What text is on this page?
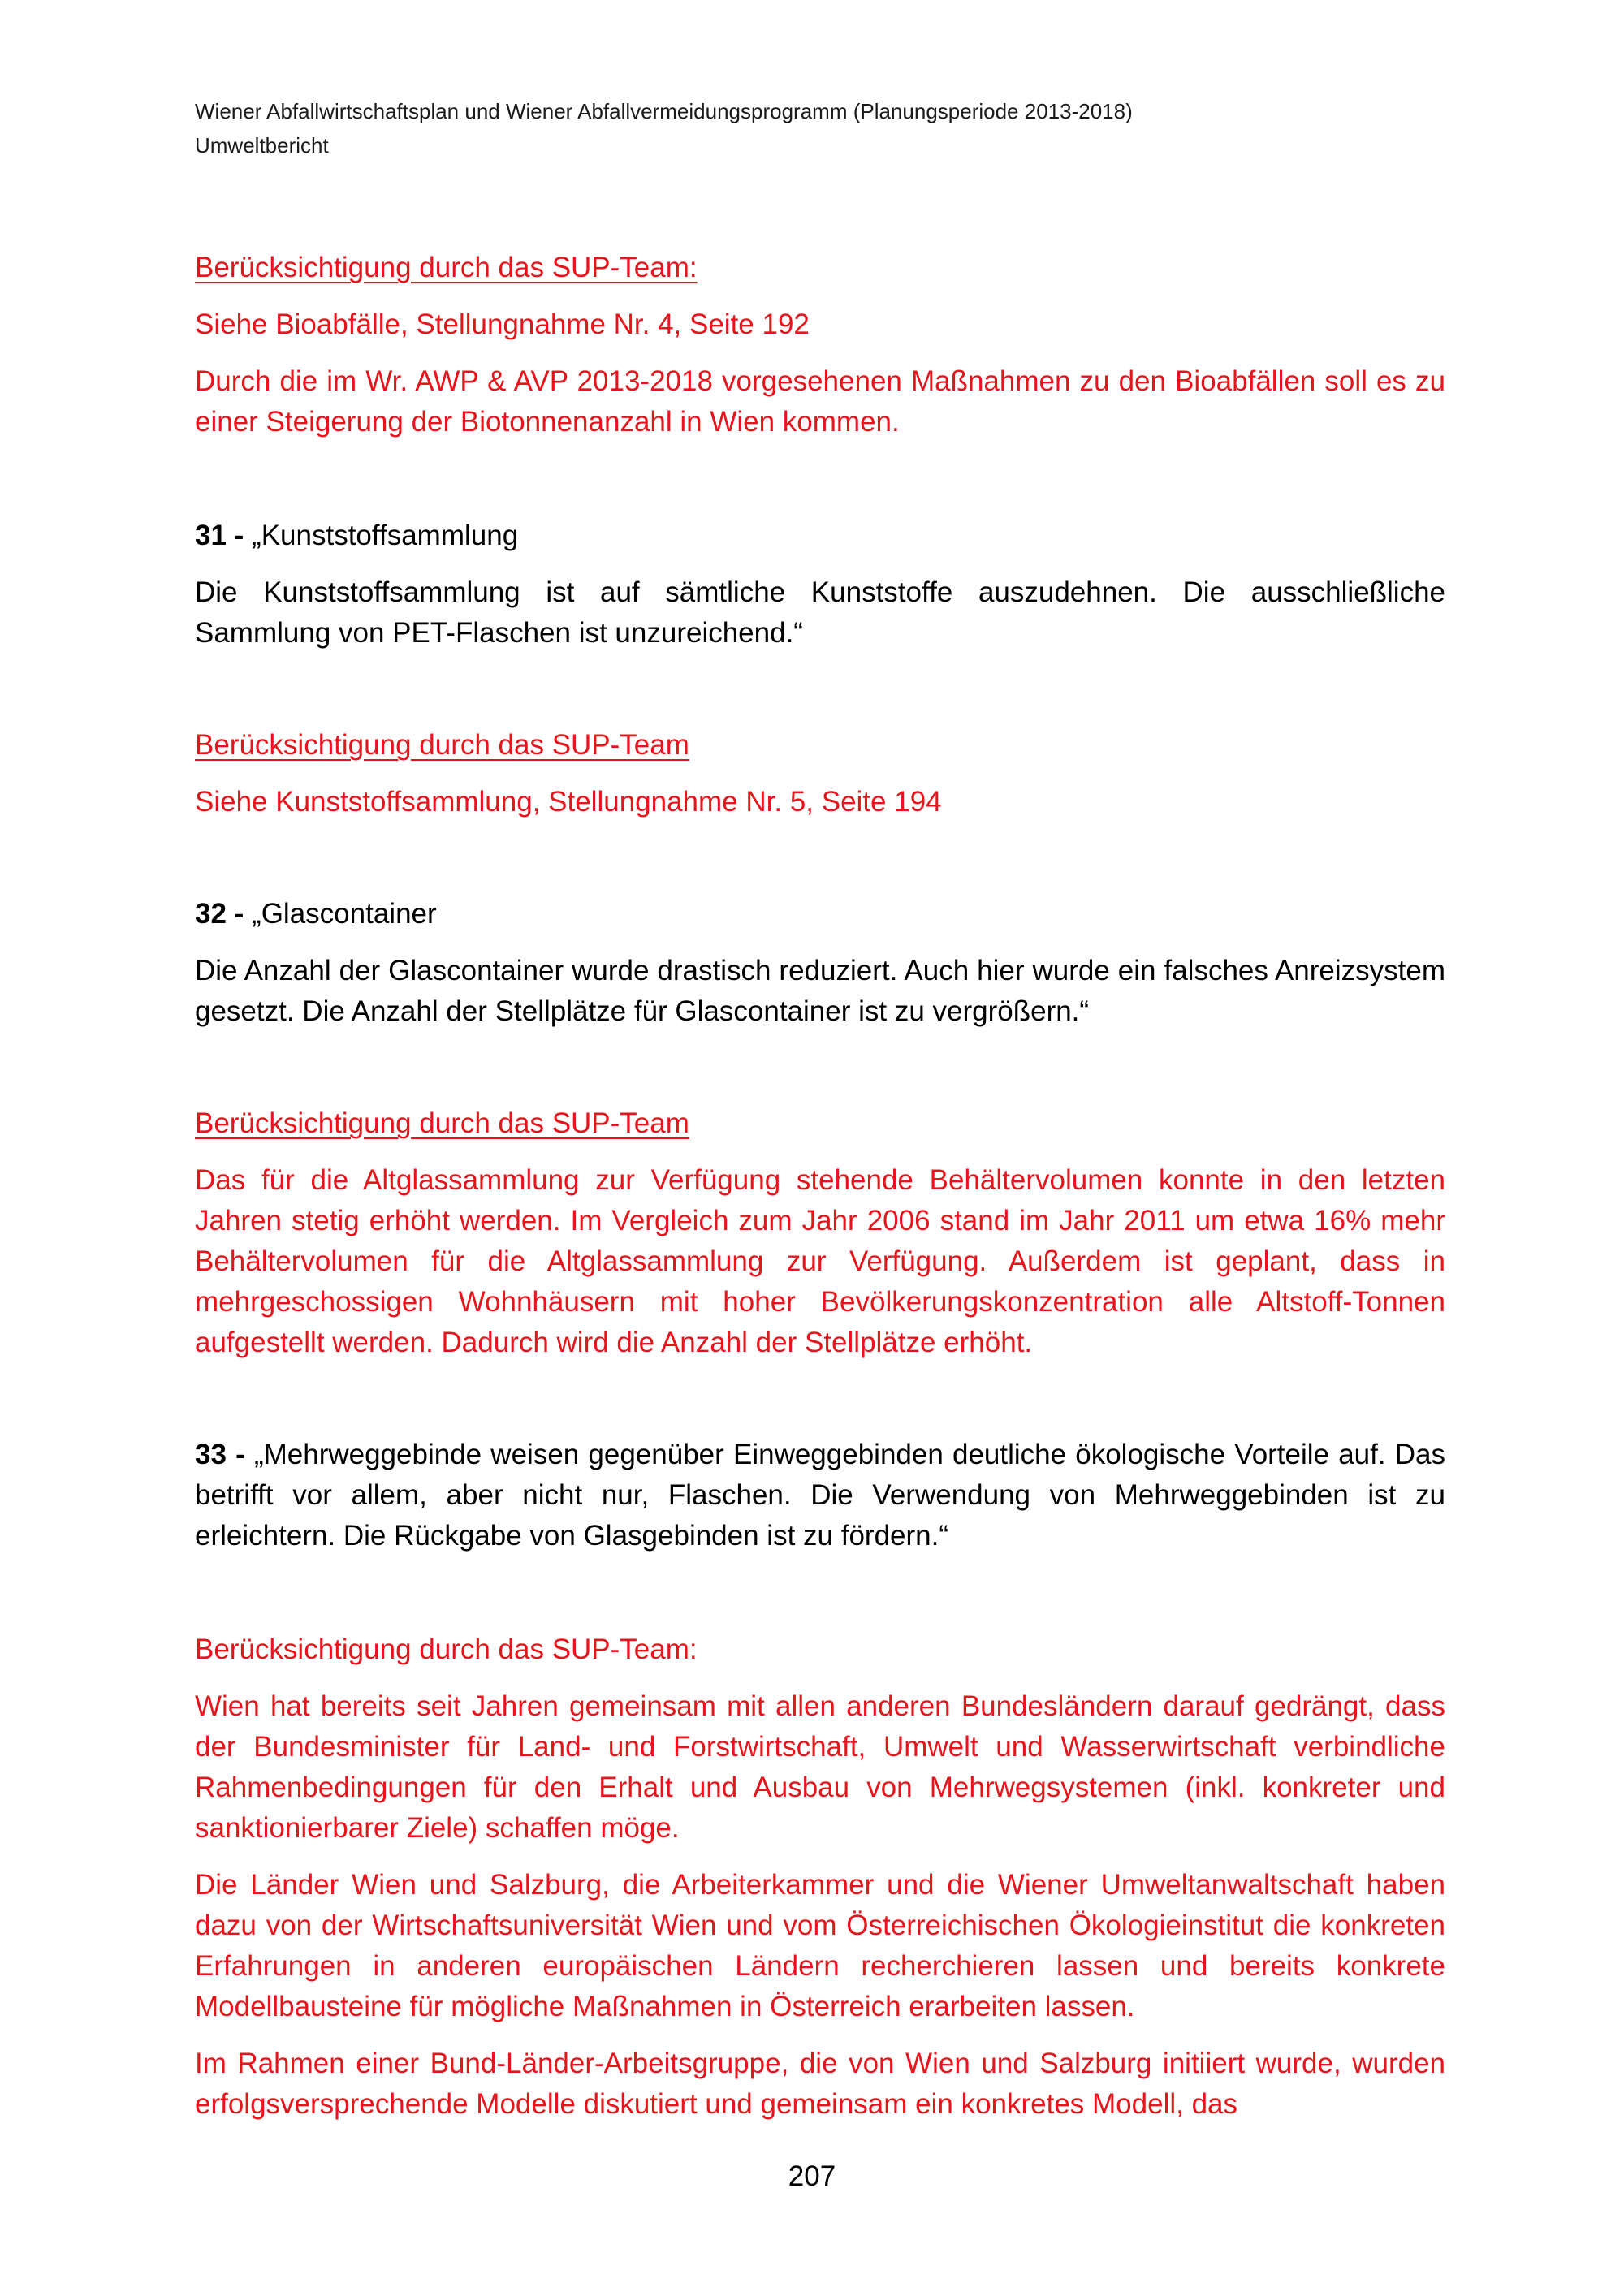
Wiener Abfallwirtschaftsplan und Wiener Abfallvermeidungsprogramm (Planungsperiode 2013-2018)
Umweltbericht
Berücksichtigung durch das SUP-Team:
Siehe Bioabfälle, Stellungnahme Nr. 4, Seite 192
Durch die im Wr. AWP & AVP 2013-2018 vorgesehenen Maßnahmen zu den Bioabfällen soll es zu einer Steigerung der Biotonnenanzahl in Wien kommen.
31 - „Kunststoffsammlung
Die Kunststoffsammlung ist auf sämtliche Kunststoffe auszudehnen. Die ausschließliche Sammlung von PET-Flaschen ist unzureichend.“
Berücksichtigung durch das SUP-Team
Siehe Kunststoffsammlung, Stellungnahme Nr. 5, Seite 194
32 - „Glascontainer
Die Anzahl der Glascontainer wurde drastisch reduziert. Auch hier wurde ein falsches Anreizsystem gesetzt. Die Anzahl der Stellplätze für Glascontainer ist zu vergrößern.“
Berücksichtigung durch das SUP-Team
Das für die Altglassammlung zur Verfügung stehende Behältervolumen konnte in den letzten Jahren stetig erhöht werden. Im Vergleich zum Jahr 2006 stand im Jahr 2011 um etwa 16% mehr Behältervolumen für die Altglassammlung zur Verfügung. Außerdem ist geplant, dass in mehrgeschossigen Wohnhäusern mit hoher Bevölkerungskonzentration alle Altstoff-Tonnen aufgestellt werden. Dadurch wird die Anzahl der Stellplätze erhöht.
33 - „Mehrweggebinde weisen gegenüber Einweggebinden deutliche ökologische Vorteile auf. Das betrifft vor allem, aber nicht nur, Flaschen. Die Verwendung von Mehrweggebinden ist zu erleichtern. Die Rückgabe von Glasgebinden ist zu fördern.“
Berücksichtigung durch das SUP-Team:
Wien hat bereits seit Jahren gemeinsam mit allen anderen Bundesländern darauf gedrängt, dass der Bundesminister für Land- und Forstwirtschaft, Umwelt und Wasserwirtschaft verbindliche Rahmenbedingungen für den Erhalt und Ausbau von Mehrwegsystemen (inkl. konkreter und sanktionierbarer Ziele) schaffen möge.
Die Länder Wien und Salzburg, die Arbeiterkammer und die Wiener Umweltanwaltschaft haben dazu von der Wirtschaftsuniversität Wien und vom Österreichischen Ökologieinstitut die konkreten Erfahrungen in anderen europäischen Ländern recherchieren lassen und bereits konkrete Modellbausteine für mögliche Maßnahmen in Österreich erarbeiten lassen.
Im Rahmen einer Bund-Länder-Arbeitsgruppe, die von Wien und Salzburg initiiert wurde, wurden erfolgsversprechende Modelle diskutiert und gemeinsam ein konkretes Modell, das
207
